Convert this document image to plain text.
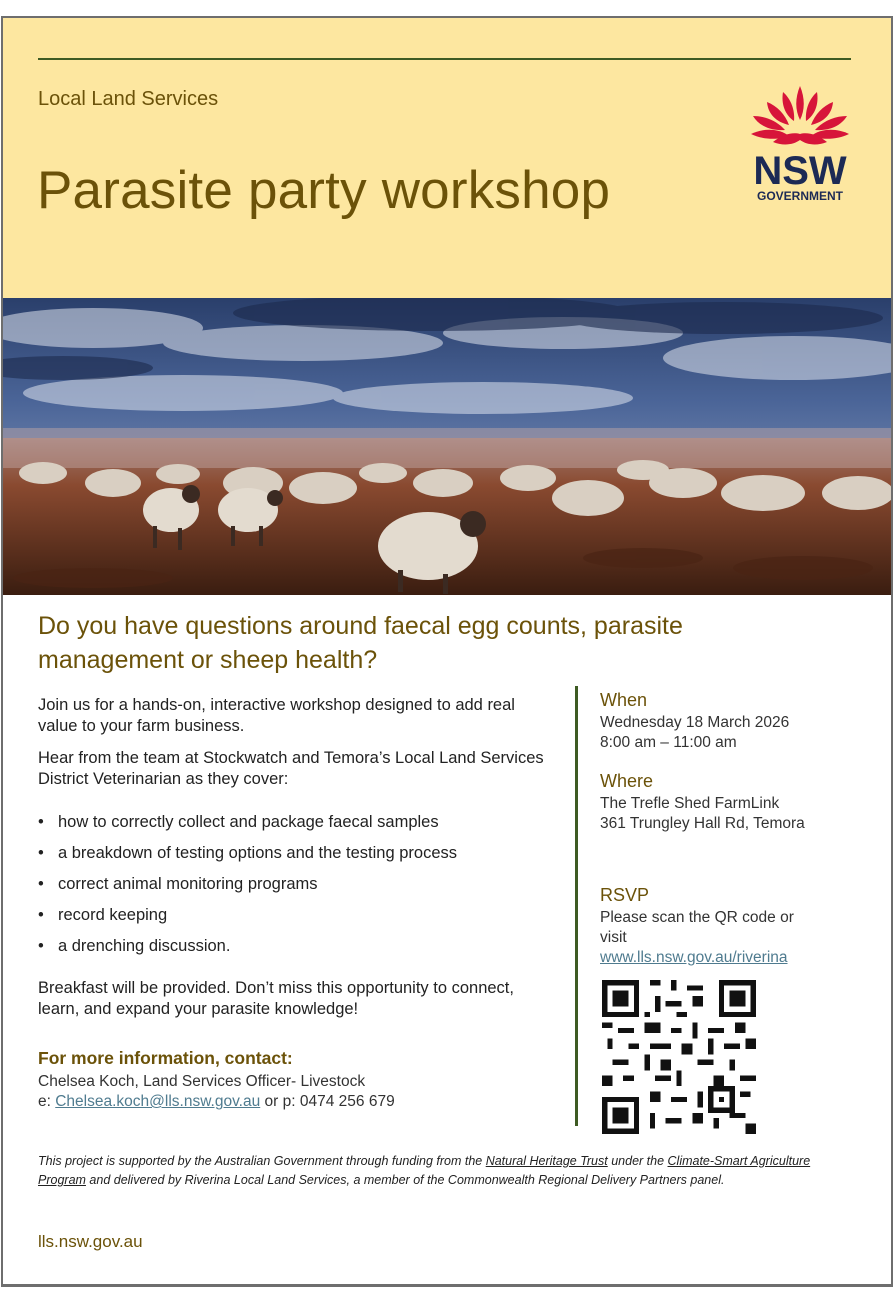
Local Land Services
Parasite party workshop	NSW
GOVERNMENT
Do you have questions around faecal egg counts, parasite management or sheep health?

Join us for a hands-on, interactive workshop designed to add real value to your farm business.

Hear from the team at Stockwatch and Temora’s Local Land Services District Veterinarian as they cover:

• how to correctly collect and package faecal samples
• a breakdown of testing options and the testing process
• correct animal monitoring programs
• record keeping
• a drenching discussion.

Breakfast will be provided. Don’t miss this opportunity to connect, learn, and expand your parasite knowledge!

For more information, contact:
Chelsea Koch, Land Services Officer- Livestock
e: Chelsea.koch@lls.nsw.gov.au or p: 0474 256 679
When
Wednesday 18 March 2026
8:00 am – 11:00 am
Where
The Trefle Shed FarmLink
361 Trungley Hall Rd, Temora
RSVP
Please scan the QR code or
visit
www.lls.nsw.gov.au/riverina
This project is supported by the Australian Government through funding from the Natural Heritage Trust under the Climate-Smart Agriculture Program and delivered by Riverina Local Land Services, a member of the Commonwealth Regional Delivery Partners panel.
lls.nsw.gov.au
